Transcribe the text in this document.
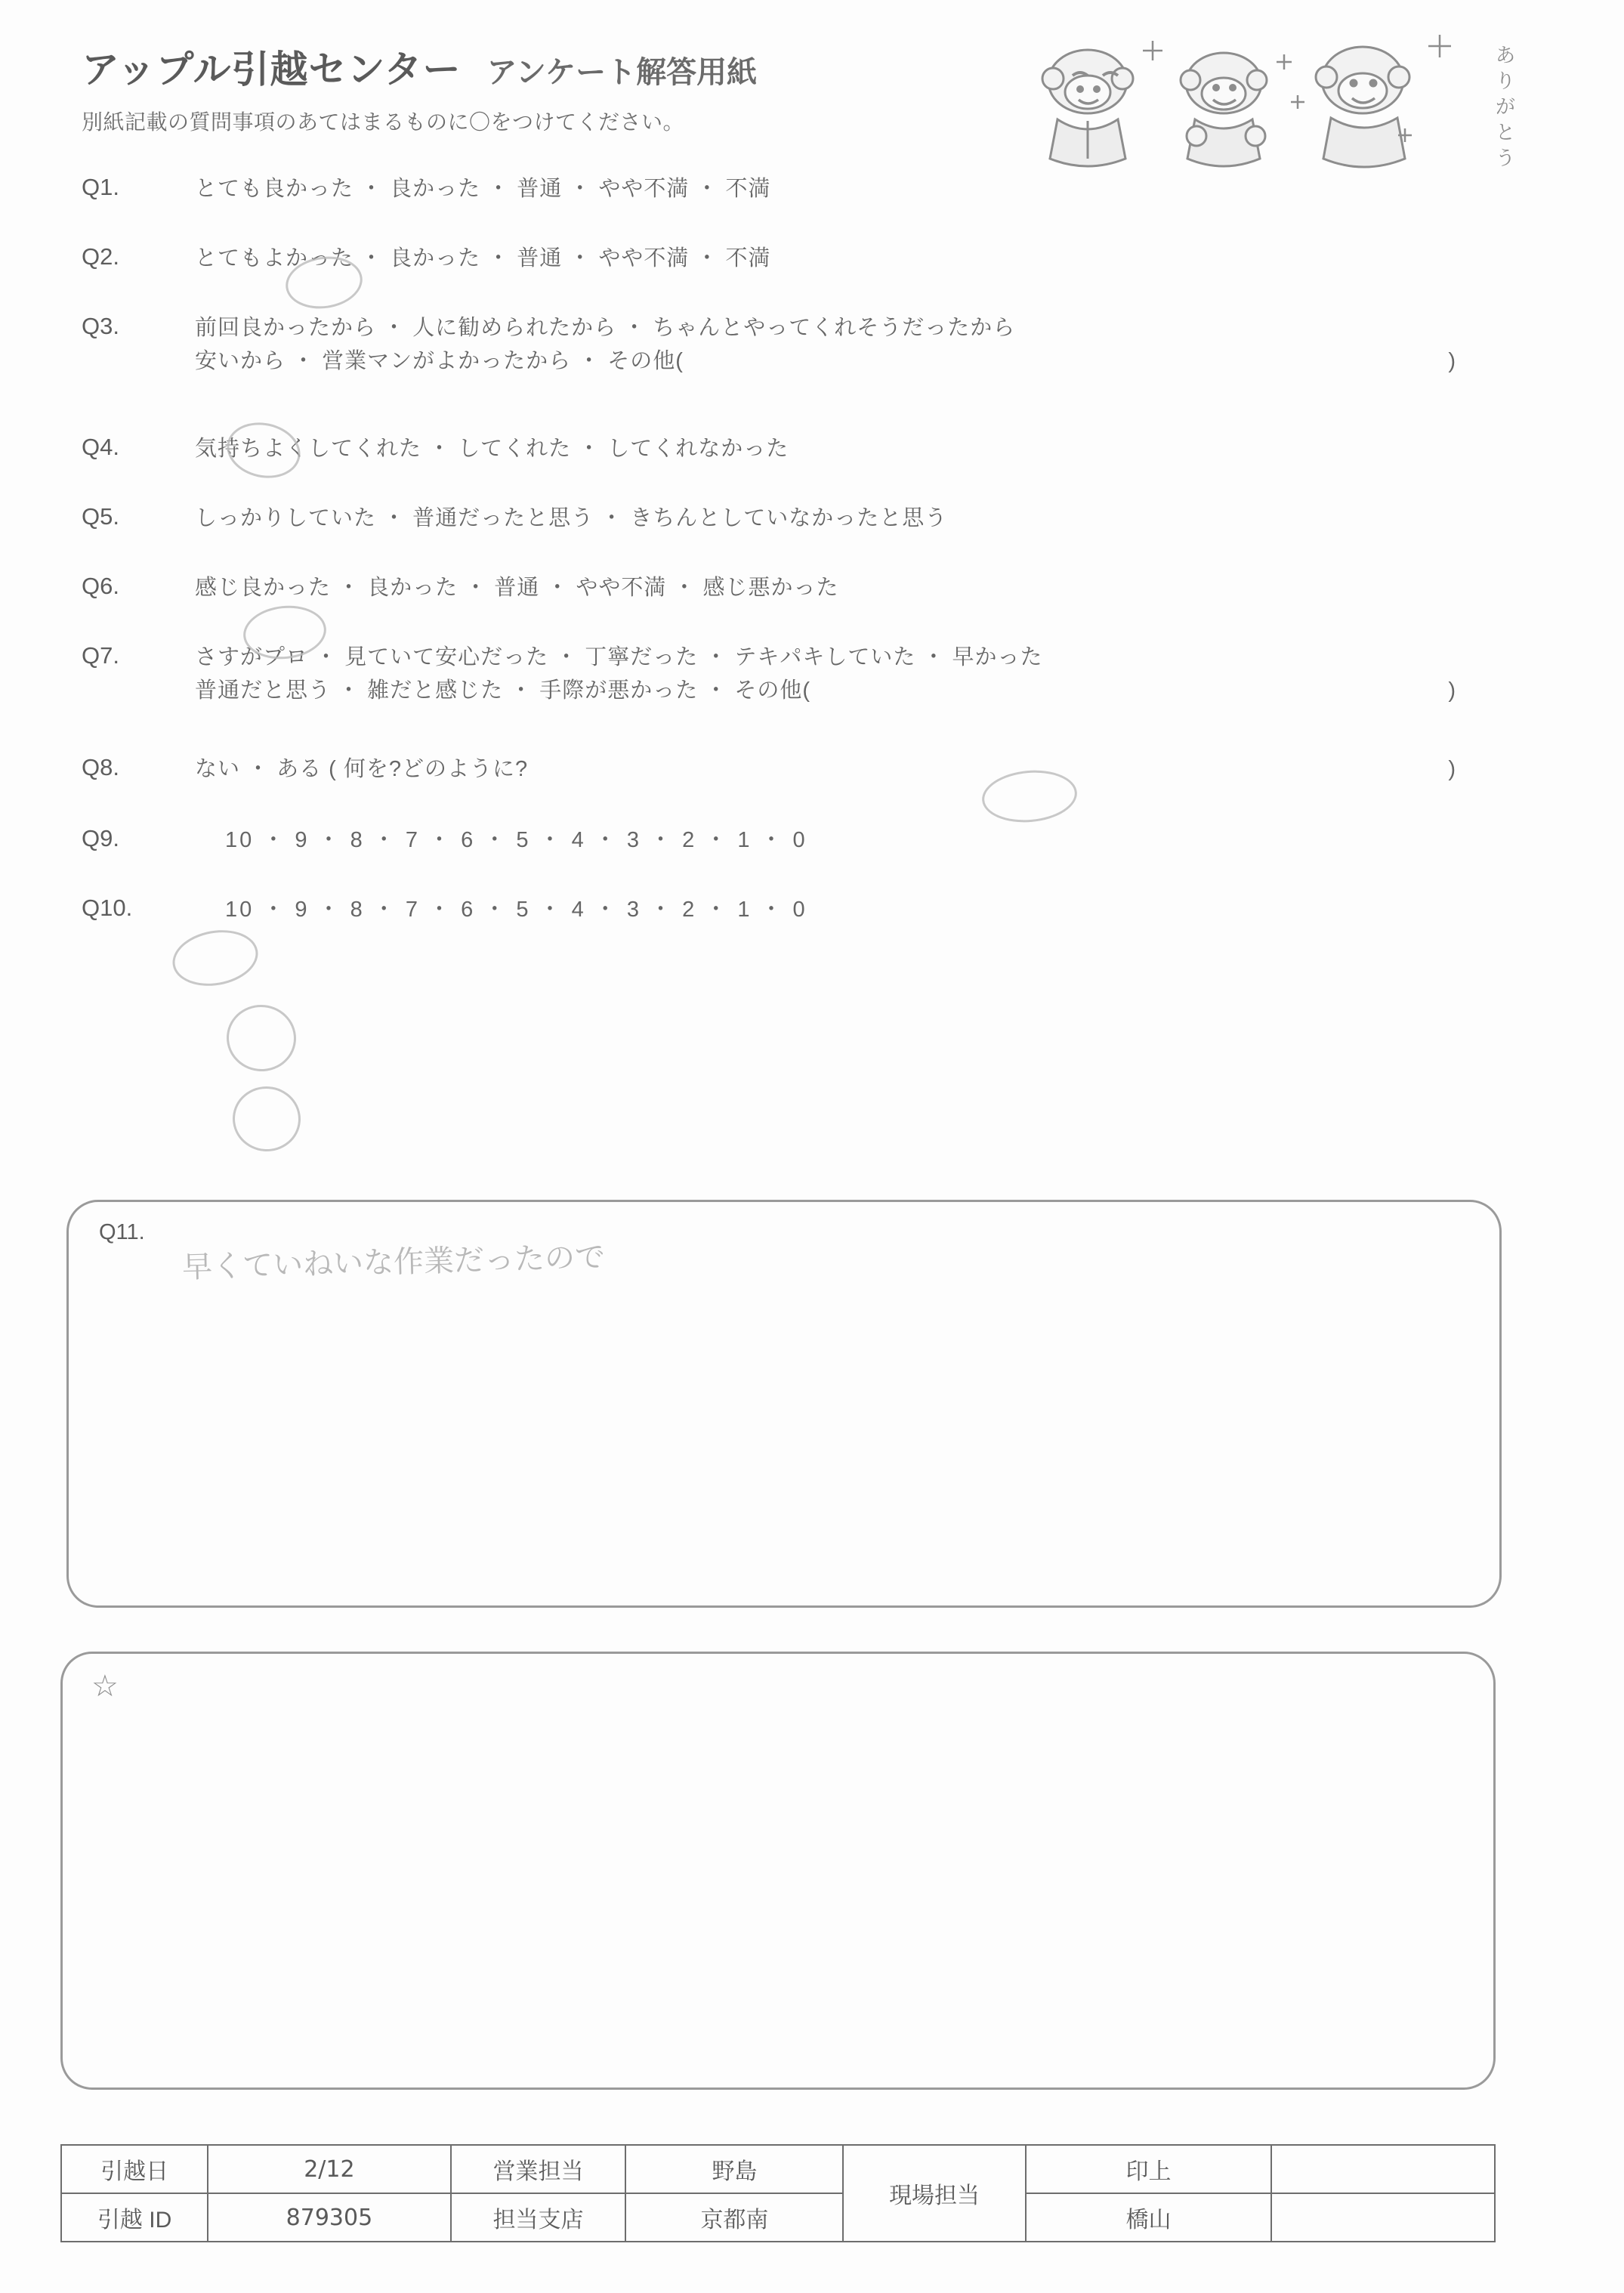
アップル引越センター アンケート解答用紙
別紙記載の質問事項のあてはまるものに〇をつけてください。
あ
り
が
と
う
Q1.	とても良かった ・ 良かった ・ 普通 ・ やや不満 ・ 不満
Q2.	とてもよかった ・ 良かった ・ 普通 ・ やや不満 ・ 不満
Q3.	前回良かったから ・ 人に勧められたから ・ ちゃんとやってくれそうだったから
安いから ・ 営業マンがよかったから ・ その他(	)
Q4.	気持ちよくしてくれた ・ してくれた ・ してくれなかった
Q5.	しっかりしていた ・ 普通だったと思う ・ きちんとしていなかったと思う
Q6.	感じ良かった ・ 良かった ・ 普通 ・ やや不満 ・ 感じ悪かった
Q7.	さすがプロ ・ 見ていて安心だった ・ 丁寧だった ・ テキパキしていた ・ 早かった
普通だと思う ・ 雑だと感じた ・ 手際が悪かった ・ その他(	)
Q8.	ない ・ ある ( 何を?どのように?	)
Q9.	10 ・ 9 ・ 8 ・ 7 ・ 6 ・ 5 ・ 4 ・ 3 ・ 2 ・ 1 ・ 0
Q10.	10 ・ 9 ・ 8 ・ 7 ・ 6 ・ 5 ・ 4 ・ 3 ・ 2 ・ 1 ・ 0
Q11.
早くていねいな作業だったので
☆
引越日	2/12	営業担当	野島	現場担当	印上	
引越 ID	879305	担当支店	京都南		橋山	
